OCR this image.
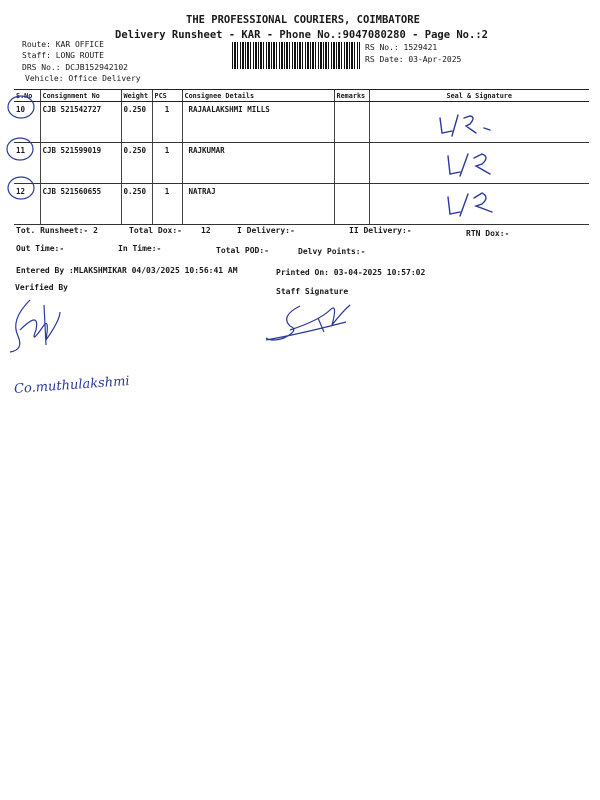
THE PROFESSIONAL COURIERS, COIMBATORE
Delivery Runsheet - KAR - Phone No.:9047080280 - Page No.:2
Route: KAR OFFICE
Staff: LONG ROUTE
DRS No.: DCJB152942102
Vehicle: Office Delivery
RS No.: 1529421
RS Date: 03-Apr-2025
S.No	Consignment No	Weight	PCS	Consignee Details	Remarks	Seal & Signature
10	CJB 521542727	0.250	1	RAJAALAKSHMI MILLS		
11	CJB 521599019	0.250	1	RAJKUMAR		
12	CJB 521560655	0.250	1	NATRAJ		
Tot. Runsheet:- 2	Total Dox:- 12	I Delivery:-	II Delivery:-	RTN Dox:-
Out Time:-	In Time:-	Total POD:-	Delvy Points:-
Entered By :MLAKSHMIKAR 04/03/2025 10:56:41 AM	Printed On: 03-04-2025 10:57:02
Verified By	Staff Signature
Co.muthulakshmi
